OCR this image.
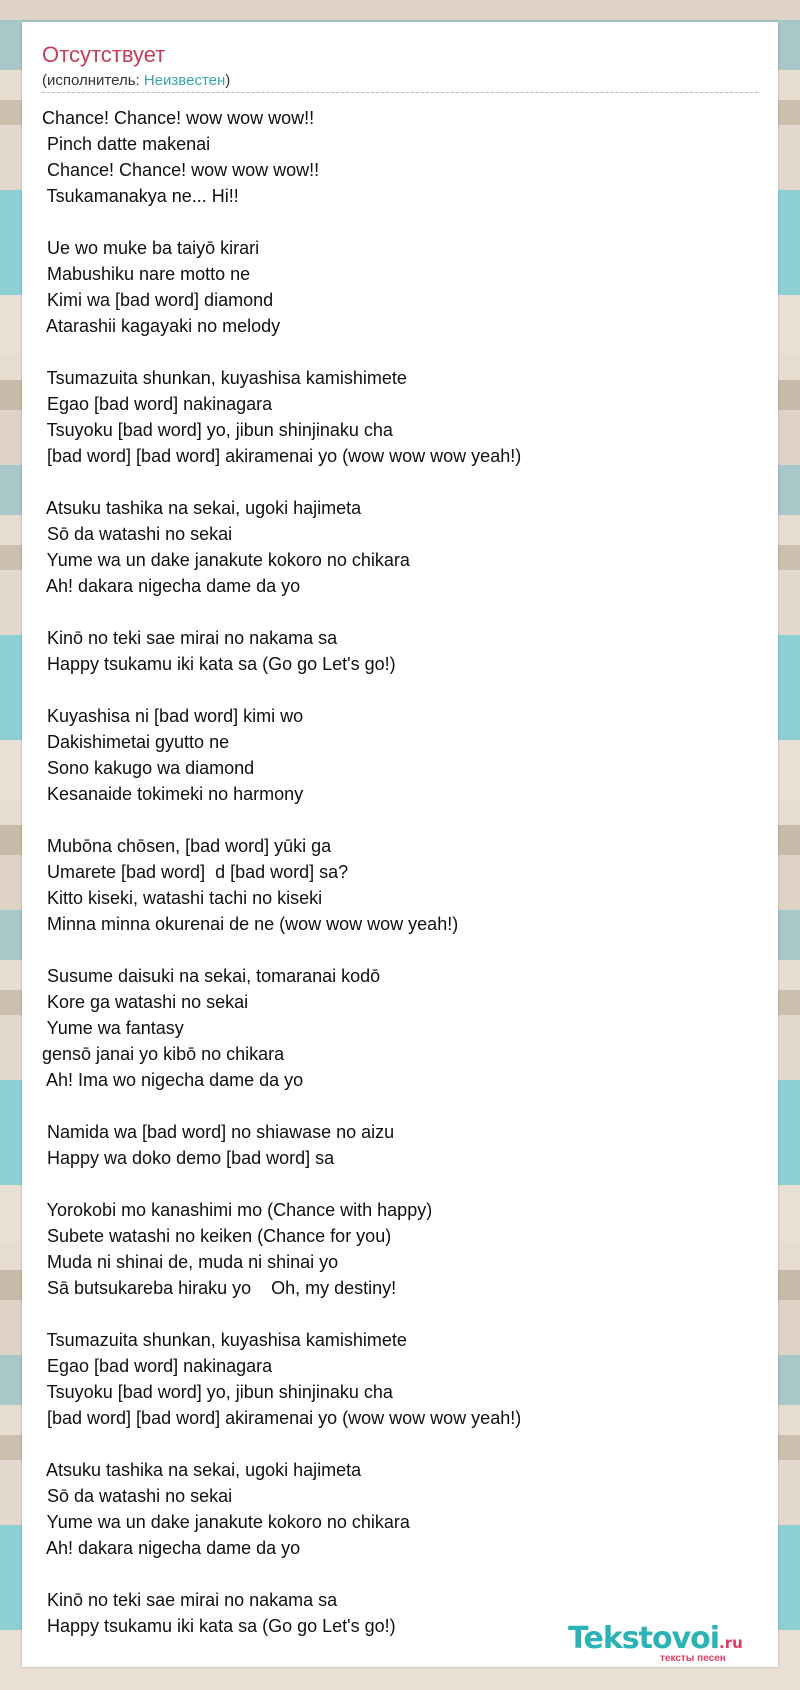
Отсутствует
(исполнитель: Неизвестен)
Chance! Chance! wow wow wow!!
Pinch datte makenai
Chance! Chance! wow wow wow!!
Tsukamanakya ne... Hi!!

Ue wo muke ba taiyō kirari
Mabushiku nare motto ne
Kimi wa [bad word] diamond
Atarashii kagayaki no melody

Tsumazuita shunkan, kuyashisa kamishimete
Egao [bad word] nakinagara
Tsuyoku [bad word] yo, jibun shinjinaku cha
[bad word] [bad word] akiramenai yo (wow wow wow yeah!)

Atsuku tashika na sekai, ugoki hajimeta
Sō da watashi no sekai
Yume wa un dake janakute kokoro no chikara
Ah! dakara nigecha dame da yo

Kinō no teki sae mirai no nakama sa
Happy tsukamu iki kata sa (Go go Let's go!)

Kuyashisa ni [bad word] kimi wo
Dakishimetai gyutto ne
Sono kakugo wa diamond
Kesanaide tokimeki no harmony

Mubōna chōsen, [bad word] yūki ga
Umarete [bad word]  d [bad word] sa?
Kitto kiseki, watashi tachi no kiseki
Minna minna okurenai de ne (wow wow wow yeah!)

Susume daisuki na sekai, tomaranai kodō
Kore ga watashi no sekai
Yume wa fantasy
gensō janai yo kibō no chikara
Ah! Ima wo nigecha dame da yo

Namida wa [bad word] no shiawase no aizu
Happy wa doko demo [bad word] sa

Yorokobi mo kanashimi mo (Chance with happy)
Subete watashi no keiken (Chance for you)
Muda ni shinai de, muda ni shinai yo
Sā butsukareba hiraku yo    Oh, my destiny!

Tsumazuita shunkan, kuyashisa kamishimete
Egao [bad word] nakinagara
Tsuyoku [bad word] yo, jibun shinjinaku cha
[bad word] [bad word] akiramenai yo (wow wow wow yeah!)

Atsuku tashika na sekai, ugoki hajimeta
Sō da watashi no sekai
Yume wa un dake janakute kokoro no chikara
Ah! dakara nigecha dame da yo

Kinō no teki sae mirai no nakama sa
Happy tsukamu iki kata sa (Go go Let's go!)	Tekstovoi.ru
тексты песен
